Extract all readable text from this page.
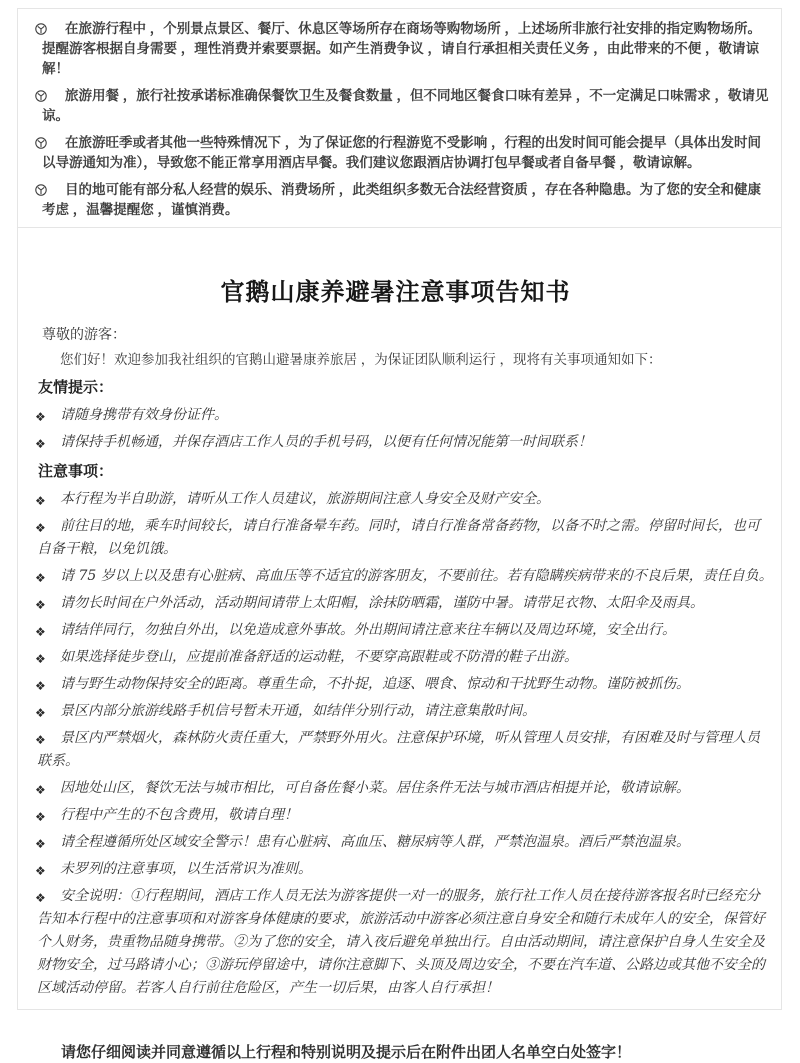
在旅游行程中 ，个别景点景区、餐厅、休息区等场所存在商场等购物场所 ，上述场所非旅行社安排的指定购物场所。提醒游客根据自身需要 ，理性消费并索要票据。如产生消费争议 ，请自行承担相关责任义务 ，由此带来的不便 ，敬请谅解！

旅游用餐 ，旅行社按承诺标准确保餐饮卫生及餐食数量 ，但不同地区餐食口味有差异 ，不一定满足口味需求 ，敬请见谅。

在旅游旺季或者其他一些特殊情况下 ，为了保证您的行程游览不受影响 ，行程的出发时间可能会提早（具体出发时间以导游通知为准），导致您不能正常享用酒店早餐。我们建议您跟酒店协调打包早餐或者自备早餐 ，敬请谅解。

目的地可能有部分私人经营的娱乐、消费场所 ，此类组织多数无合法经营资质 ，存在各种隐患。为了您的安全和健康考虑 ，温馨提醒您 ，谨慎消费。

官鹅山康养避暑注意事项告知书

尊敬的游客：

您们好！欢迎参加我社组织的官鹅山避暑康养旅居 ，为保证团队顺利运行 ，现将有关事项通知如下：

友情提示：
❖ 请随身携带有效身份证件。
❖ 请保持手机畅通，并保存酒店工作人员的手机号码，以便有任何情况能第一时间联系！
注意事项：
❖ 本行程为半自助游，请听从工作人员建议，旅游期间注意人身安全及财产安全。
❖ 前往目的地，乘车时间较长，请自行准备晕车药。同时，请自行准备常备药物，以备不时之需。停留时间长，也可自备干粮，以免饥饿。
❖ 请 75 岁以上以及患有心脏病、高血压等不适宜的游客朋友，不要前往。若有隐瞒疾病带来的不良后果，责任自负。
❖ 请勿长时间在户外活动，活动期间请带上太阳帽，涂抹防晒霜，谨防中暑。请带足衣物、太阳伞及雨具。
❖ 请结伴同行，勿独自外出，以免造成意外事故。外出期间请注意来往车辆以及周边环境，安全出行。
❖ 如果选择徒步登山，应提前准备舒适的运动鞋，不要穿高跟鞋或不防滑的鞋子出游。
❖ 请与野生动物保持安全的距离。尊重生命，不扑捉，追逐、喂食、惊动和干扰野生动物。谨防被抓伤。
❖ 景区内部分旅游线路手机信号暂未开通，如结伴分别行动，请注意集散时间。
❖ 景区内严禁烟火，森林防火责任重大，严禁野外用火。注意保护环境，听从管理人员安排，有困难及时与管理人员联系。
❖ 因地处山区，餐饮无法与城市相比，可自备佐餐小菜。居住条件无法与城市酒店相提并论，敬请谅解。
❖ 行程中产生的不包含费用，敬请自理！
❖ 请全程遵循所处区域安全警示！患有心脏病、高血压、糖尿病等人群，严禁泡温泉。酒后严禁泡温泉。
❖ 未罗列的注意事项，以生活常识为准则。
❖ 安全说明：①行程期间，酒店工作人员无法为游客提供一对一的服务，旅行社工作人员在接待游客报名时已经充分告知本行程中的注意事项和对游客身体健康的要求，旅游活动中游客必须注意自身安全和随行未成年人的安全，保管好个人财务，贵重物品随身携带。②为了您的安全，请入夜后避免单独出行。自由活动期间，请注意保护自身人生安全及财物安全，过马路请小心；③游玩停留途中，请你注意脚下、头顶及周边安全，不要在汽车道、公路边或其他不安全的区域活动停留。若客人自行前往危险区，产生一切后果，由客人自行承担！

请您仔细阅读并同意遵循以上行程和特别说明及提示后在附件出团人名单空白处签字！
